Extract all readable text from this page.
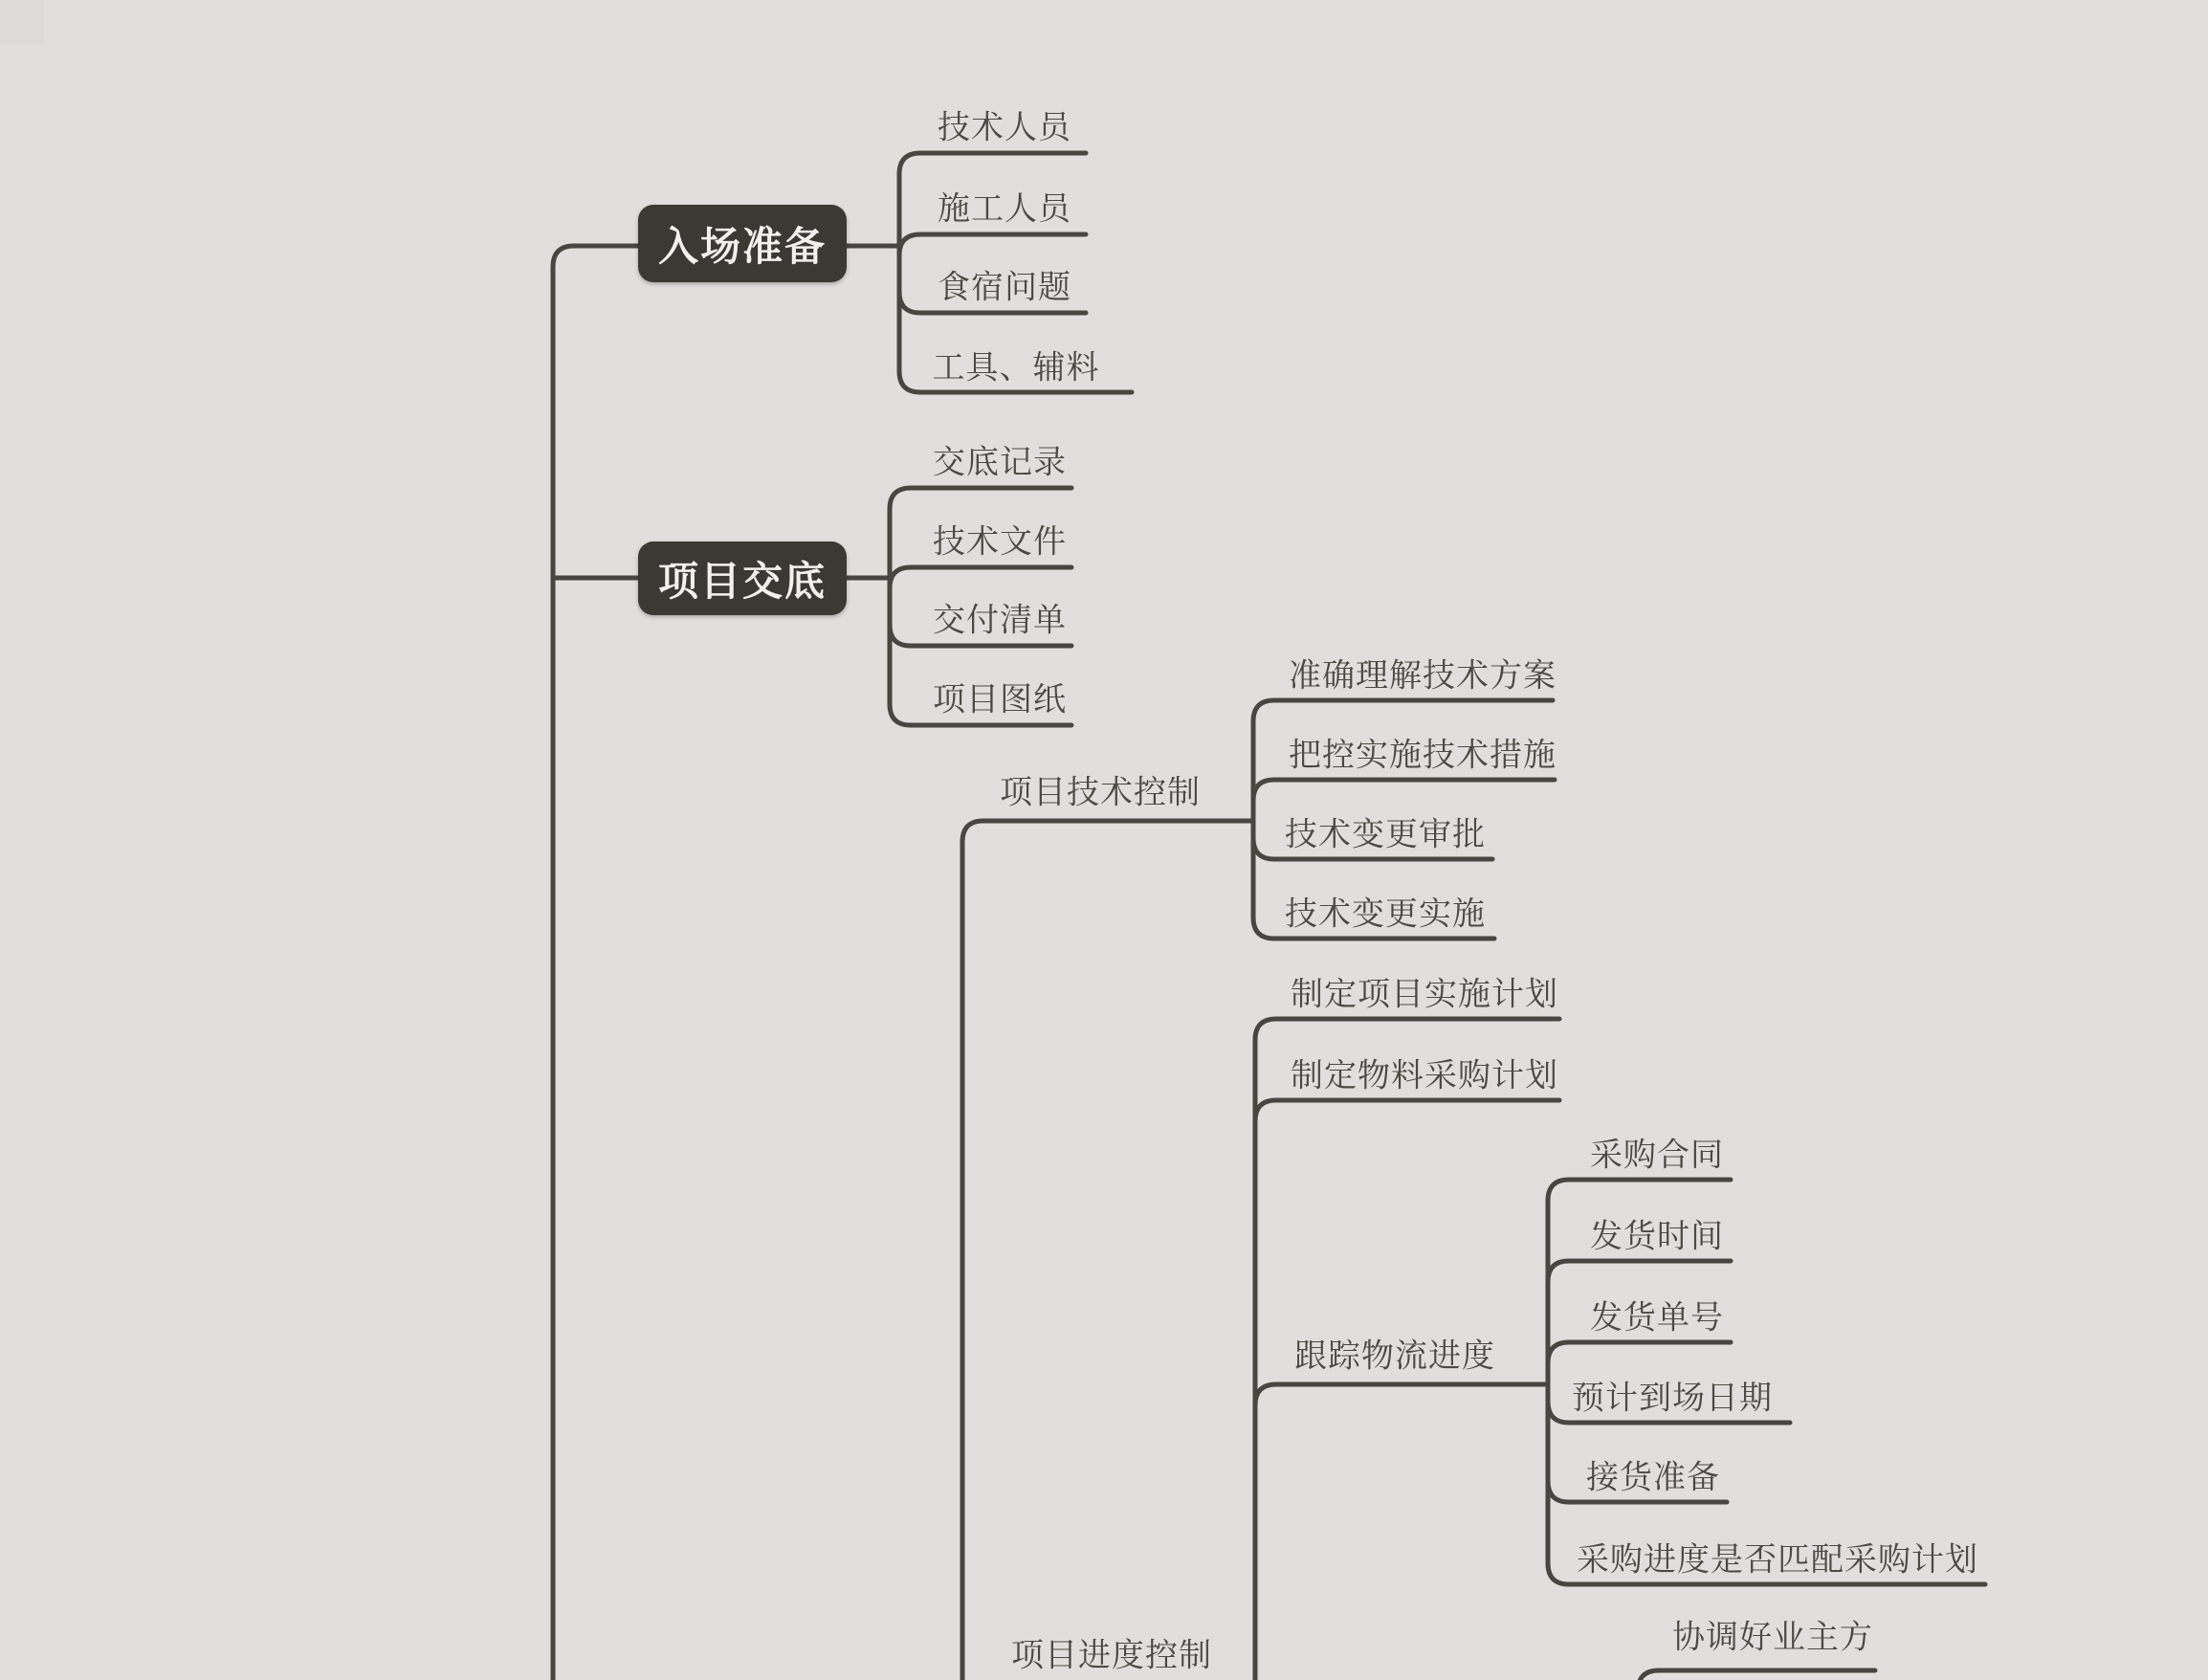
入场准备
项目交底
技术人员
施工人员
食宿问题
工具、辅料
交底记录
技术文件
交付清单
项目图纸
项目技术控制
准确理解技术方案
把控实施技术措施
技术变更审批
技术变更实施
项目进度控制
制定项目实施计划
制定物料采购计划
跟踪物流进度
采购合同
发货时间
发货单号
预计到场日期
接货准备
采购进度是否匹配采购计划
协调好业主方
